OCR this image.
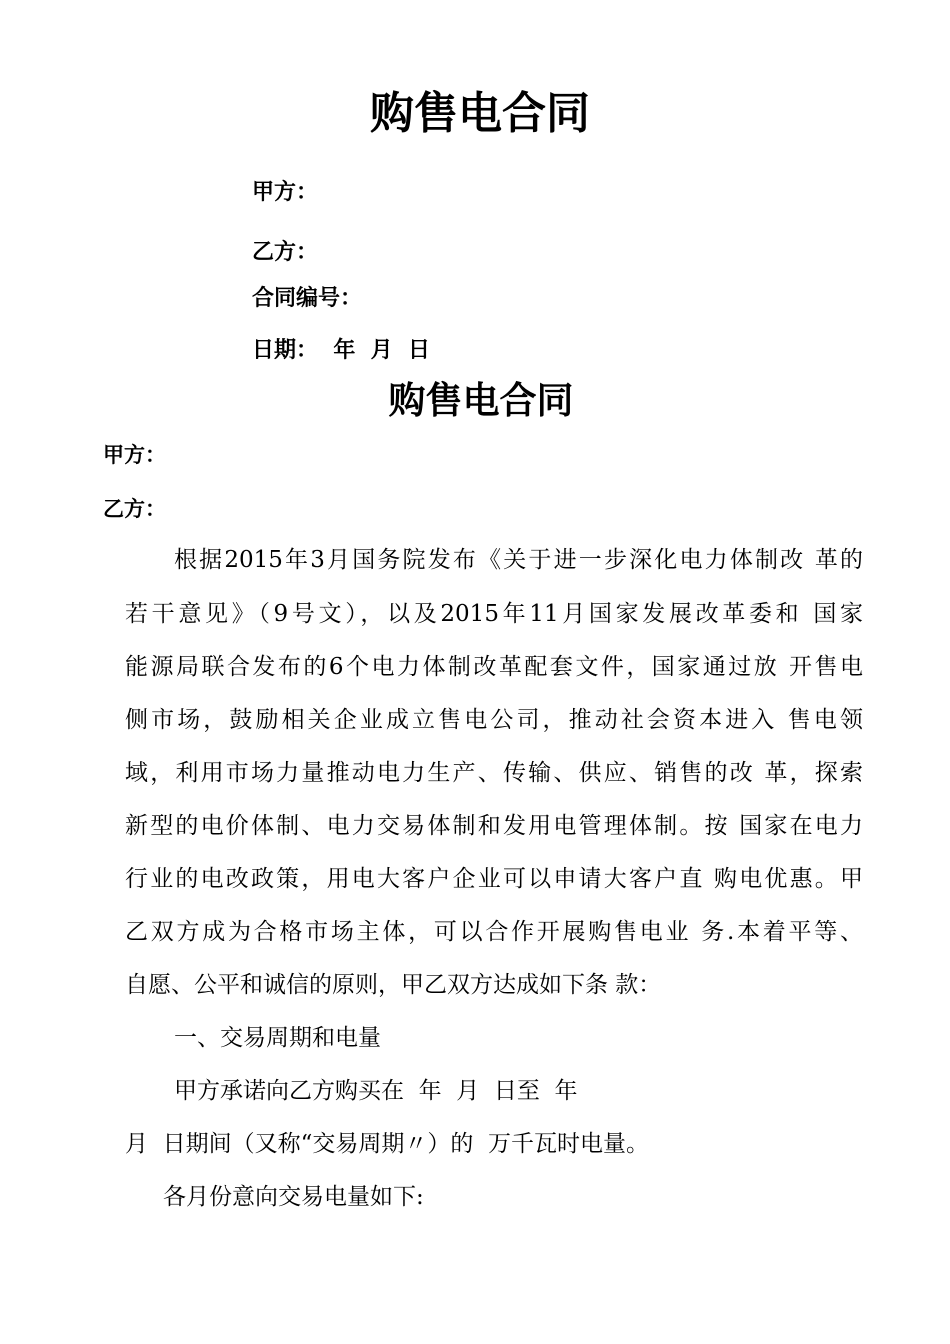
购售电合同
甲方：
乙方：
合同编号：
日期：  年  月  日
购售电合同
甲方：
乙方：
根据2015年3月国务院发布《关于进一步深化电力体制改 革的
若干意见》（9号文），以及2015年11月国家发展改革委和 国家
能源局联合发布的6个电力体制改革配套文件，国家通过放 开售电
侧市场，鼓励相关企业成立售电公司，推动社会资本进入 售电领
域，利用市场力量推动电力生产、传输、供应、销售的改 革，探索
新型的电价体制、电力交易体制和发用电管理体制。按 国家在电力
行业的电改政策，用电大客户企业可以申请大客户直 购电优惠。甲
乙双方成为合格市场主体，可以合作开展购售电业 务.本着平等、
自愿、公平和诚信的原则，甲乙双方达成如下条 款：
一、交易周期和电量
甲方承诺向乙方购买在  年  月  日至  年
月  日期间（又称“交易周期〃）的  万千瓦时电量。
各月份意向交易电量如下:
